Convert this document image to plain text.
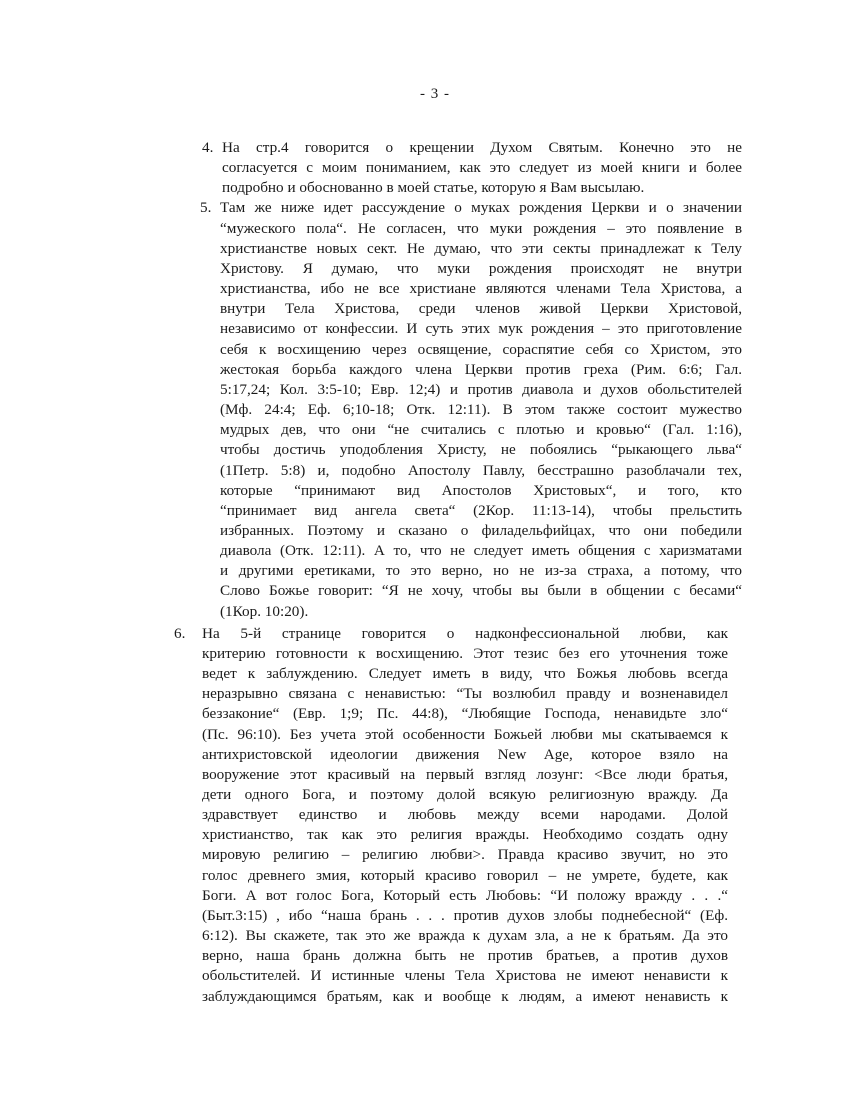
- 3 -
4. На стр.4 говорится о крещении Духом Святым. Конечно это не
согласуется с моим пониманием, как это следует из моей книги и более
подробно и обоснованно в моей статье, которую я Вам высылаю.
5. Там же ниже идет рассуждение о муках рождения Церкви и о значении
“мужеского пола“. Не согласен, что муки рождения – это появление в
христианстве новых сект. Не думаю, что эти секты принадлежат к Телу
Христову. Я думаю, что муки рождения происходят не внутри
христианства, ибо не все христиане являются членами Тела Христова, а
внутри Тела Христова, среди членов живой Церкви Христовой,
независимо от конфессии. И суть этих мук рождения – это приготовление
себя к восхищению через освящение, сораспятие себя со Христом, это
жестокая борьба каждого члена Церкви против греха (Рим. 6:6; Гал.
5:17,24; Кол. 3:5-10; Евр. 12;4) и против диавола и духов обольстителей
(Мф. 24:4; Еф. 6;10-18; Отк. 12:11). В этом также состоит мужество
мудрых дев, что они “не считались с плотью и кровью“ (Гал. 1:16),
чтобы достичь уподобления Христу, не побоялись “рыкающего льва“
(1Петр. 5:8) и, подобно Апостолу Павлу, бесстрашно разоблачали тех,
которые “принимают вид Апостолов Христовых“, и того, кто
“принимает вид ангела света“ (2Кор. 11:13-14), чтобы прельстить
избранных. Поэтому и сказано о филадельфийцах, что они победили
диавола (Отк. 12:11). А то, что не следует иметь общения с харизматами
и другими еретиками, то это верно, но не из-за страха, а потому, что
Слово Божье говорит: “Я не хочу, чтобы вы были в общении с бесами“
(1Кор. 10:20).
6.	На 5-й странице говорится о надконфессиональной любви, как
критерию готовности к восхищению. Этот тезис без его уточнения тоже
ведет к заблуждению. Следует иметь в виду, что Божья любовь всегда
неразрывно связана с ненавистью: “Ты возлюбил правду и возненавидел
беззаконие“ (Евр. 1;9; Пс. 44:8), “Любящие Господа, ненавидьте зло“
(Пс. 96:10). Без учета этой особенности Божьей любви мы скатываемся к
антихристовской идеологии движения New Age, которое взяло на
вооружение этот красивый на первый взгляд лозунг: <Все люди братья,
дети одного Бога, и поэтому долой всякую религиозную вражду. Да
здравствует единство и любовь между всеми народами. Долой
христианство, так как это религия вражды. Необходимо создать одну
мировую религию – религию любви>. Правда красиво звучит, но это
голос древнего змия, который красиво говорил – не умрете, будете, как
Боги. А вот голос Бога, Который есть Любовь: “И положу вражду . . .“
(Быт.3:15) , ибо “наша брань . . . против духов злобы поднебесной“ (Еф.
6:12). Вы скажете, так это же вражда к духам зла, а не к братьям. Да это
верно, наша брань должна быть не против братьев, а против духов
обольстителей. И истинные члены Тела Христова не имеют ненависти к
заблуждающимся братьям, как и вообще к людям, а имеют ненависть к
